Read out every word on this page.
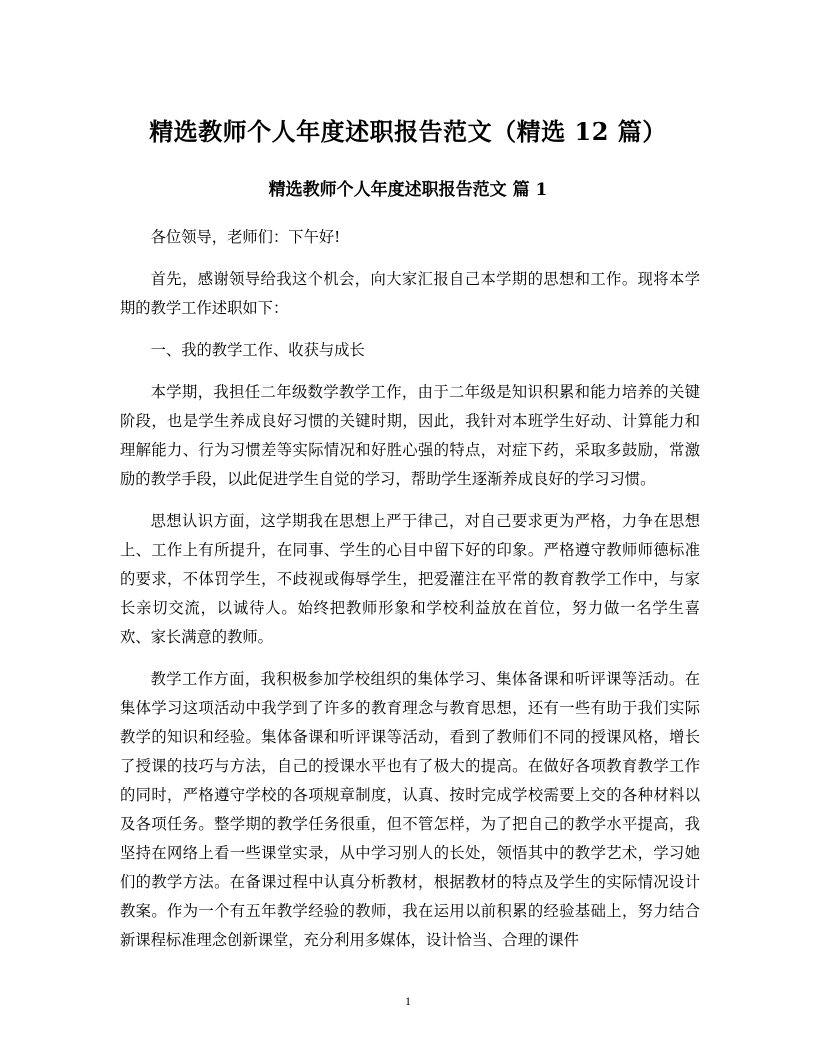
精选教师个人年度述职报告范文（精选 12 篇）
精选教师个人年度述职报告范文 篇 1

各位领导，老师们：下午好!

首先，感谢领导给我这个机会，向大家汇报自己本学期的思想和工作。现将本学期的教学工作述职如下：

一、我的教学工作、收获与成长

本学期，我担任二年级数学教学工作，由于二年级是知识积累和能力培养的关键阶段，也是学生养成良好习惯的关键时期，因此，我针对本班学生好动、计算能力和理解能力、行为习惯差等实际情况和好胜心强的特点，对症下药，采取多鼓励，常激励的教学手段，以此促进学生自觉的学习，帮助学生逐渐养成良好的学习习惯。

思想认识方面，这学期我在思想上严于律己，对自己要求更为严格，力争在思想上、工作上有所提升，在同事、学生的心目中留下好的印象。严格遵守教师师德标准的要求，不体罚学生，不歧视或侮辱学生，把爱灌注在平常的教育教学工作中，与家长亲切交流，以诚待人。始终把教师形象和学校利益放在首位，努力做一名学生喜欢、家长满意的教师。

教学工作方面，我积极参加学校组织的集体学习、集体备课和听评课等活动。在集体学习这项活动中我学到了许多的教育理念与教育思想，还有一些有助于我们实际教学的知识和经验。集体备课和听评课等活动，看到了教师们不同的授课风格，增长了授课的技巧与方法，自己的授课水平也有了极大的提高。在做好各项教育教学工作的同时，严格遵守学校的各项规章制度，认真、按时完成学校需要上交的各种材料以及各项任务。整学期的教学任务很重，但不管怎样，为了把自己的教学水平提高，我坚持在网络上看一些课堂实录，从中学习别人的长处，领悟其中的教学艺术，学习她们的教学方法。在备课过程中认真分析教材，根据教材的特点及学生的实际情况设计教案。作为一个有五年教学经验的教师，我在运用以前积累的经验基础上，努力结合新课程标准理念创新课堂，充分利用多媒体，设计恰当、合理的课件

1
